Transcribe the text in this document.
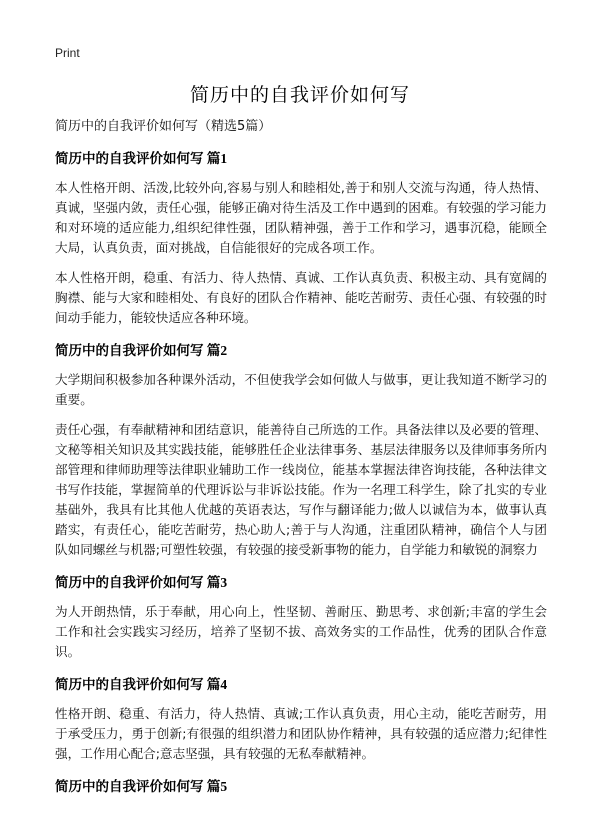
Print
简历中的自我评价如何写

简历中的自我评价如何写（精选5篇）

简历中的自我评价如何写 篇1

本人性格开朗、活泼,比较外向,容易与别人和睦相处,善于和别人交流与沟通，待人热情、真诚，坚强内敛，责任心强，能够正确对待生活及工作中遇到的困难。有较强的学习能力和对环境的适应能力,组织纪律性强，团队精神强，善于工作和学习，遇事沉稳，能顾全大局，认真负责，面对挑战，自信能很好的完成各项工作。

本人性格开朗，稳重、有活力、待人热情、真诚、工作认真负责、积极主动、具有宽阔的胸襟、能与大家和睦相处、有良好的团队合作精神、能吃苦耐劳、责任心强、有较强的时间动手能力，能较快适应各种环境。

简历中的自我评价如何写 篇2

大学期间积极参加各种课外活动，不但使我学会如何做人与做事，更让我知道不断学习的重要。

责任心强，有奉献精神和团结意识，能善待自己所选的工作。具备法律以及必要的管理、文秘等相关知识及其实践技能，能够胜任企业法律事务、基层法律服务以及律师事务所内部管理和律师助理等法律职业辅助工作一线岗位，能基本掌握法律咨询技能，各种法律文书写作技能，掌握简单的代理诉讼与非诉讼技能。作为一名理工科学生，除了扎实的专业基础外，我具有比其他人优越的英语表达，写作与翻译能力;做人以诚信为本，做事认真踏实，有责任心，能吃苦耐劳，热心助人;善于与人沟通，注重团队精神，确信个人与团队如同螺丝与机器;可塑性较强，有较强的接受新事物的能力，自学能力和敏锐的洞察力

简历中的自我评价如何写 篇3

为人开朗热情，乐于奉献，用心向上，性坚韧、善耐压、勤思考、求创新;丰富的学生会工作和社会实践实习经历，培养了坚韧不拔、高效务实的工作品性，优秀的团队合作意识。

简历中的自我评价如何写 篇4

性格开朗、稳重、有活力，待人热情、真诚;工作认真负责，用心主动，能吃苦耐劳，用于承受压力，勇于创新;有很强的组织潜力和团队协作精神，具有较强的适应潜力;纪律性强，工作用心配合;意志坚强，具有较强的无私奉献精神。

简历中的自我评价如何写 篇5
